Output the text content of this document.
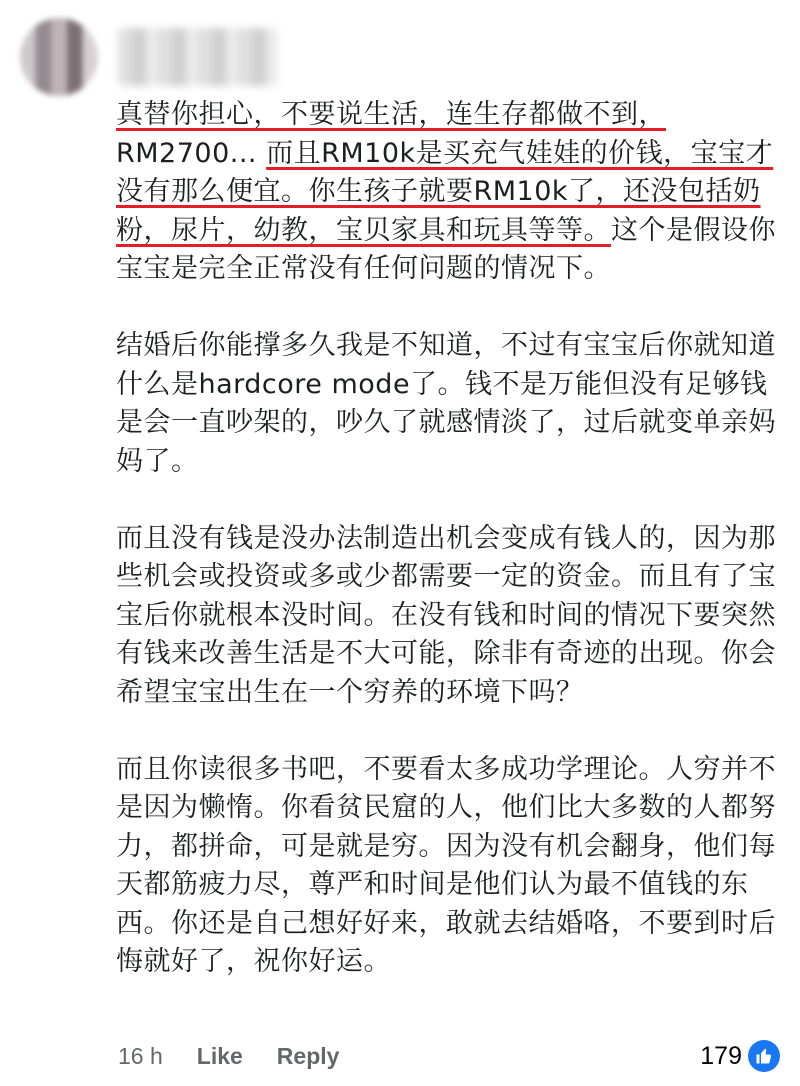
真替你担心，不要说生活，连生存都做不到，RM2700... 而且RM10k是买充气娃娃的价钱，宝宝才没有那么便宜。你生孩子就要RM10k了，还没包括奶粉，尿片，幼教，宝贝家具和玩具等等。这个是假设你宝宝是完全正常没有任何问题的情况下。

结婚后你能撑多久我是不知道，不过有宝宝后你就知道什么是hardcore mode了。钱不是万能但没有足够钱是会一直吵架的，吵久了就感情淡了，过后就变单亲妈妈了。

而且没有钱是没办法制造出机会变成有钱人的，因为那些机会或投资或多或少都需要一定的资金。而且有了宝宝后你就根本没时间。在没有钱和时间的情况下要突然有钱来改善生活是不大可能，除非有奇迹的出现。你会希望宝宝出生在一个穷养的环境下吗？

而且你读很多书吧，不要看太多成功学理论。人穷并不是因为懒惰。你看贫民窟的人，他们比大多数的人都努力，都拼命，可是就是穷。因为没有机会翻身，他们每天都筋疲力尽，尊严和时间是他们认为最不值钱的东西。你还是自己想好好来，敢就去结婚咯，不要到时后悔就好了，祝你好运。

16 h Like Reply	179
